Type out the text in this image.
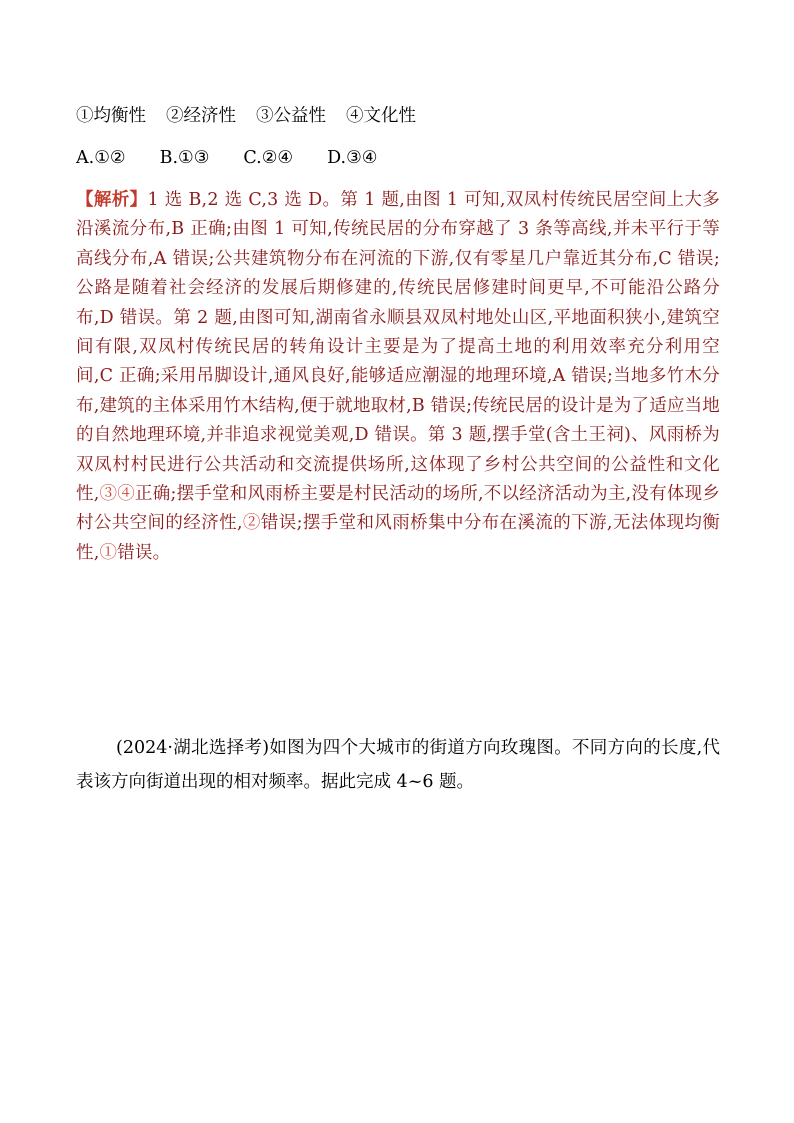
①均衡性 ②经济性 ③公益性 ④文化性
A.①② B.①③ C.②④ D.③④

【解析】1 选 B,2 选 C,3 选 D。第 1 题,由图 1 可知,双凤村传统民居空间上大多沿溪流分布,B 正确;由图 1 可知,传统民居的分布穿越了 3 条等高线,并未平行于等高线分布,A 错误;公共建筑物分布在河流的下游,仅有零星几户靠近其分布,C 错误;公路是随着社会经济的发展后期修建的,传统民居修建时间更早,不可能沿公路分布,D 错误。第 2 题,由图可知,湖南省永顺县双凤村地处山区,平地面积狭小,建筑空间有限,双凤村传统民居的转角设计主要是为了提高土地的利用效率充分利用空间,C 正确;采用吊脚设计,通风良好,能够适应潮湿的地理环境,A 错误;当地多竹木分布,建筑的主体采用竹木结构,便于就地取材,B 错误;传统民居的设计是为了适应当地的自然地理环境,并非追求视觉美观,D 错误。第 3 题,摆手堂(含土王祠)、风雨桥为双凤村村民进行公共活动和交流提供场所,这体现了乡村公共空间的公益性和文化性,③④正确;摆手堂和风雨桥主要是村民活动的场所,不以经济活动为主,没有体现乡村公共空间的经济性,②错误;摆手堂和风雨桥集中分布在溪流的下游,无法体现均衡性,①错误。

(2024·湖北选择考)如图为四个大城市的街道方向玫瑰图。不同方向的长度,代表该方向街道出现的相对频率。据此完成 4~6 题。
